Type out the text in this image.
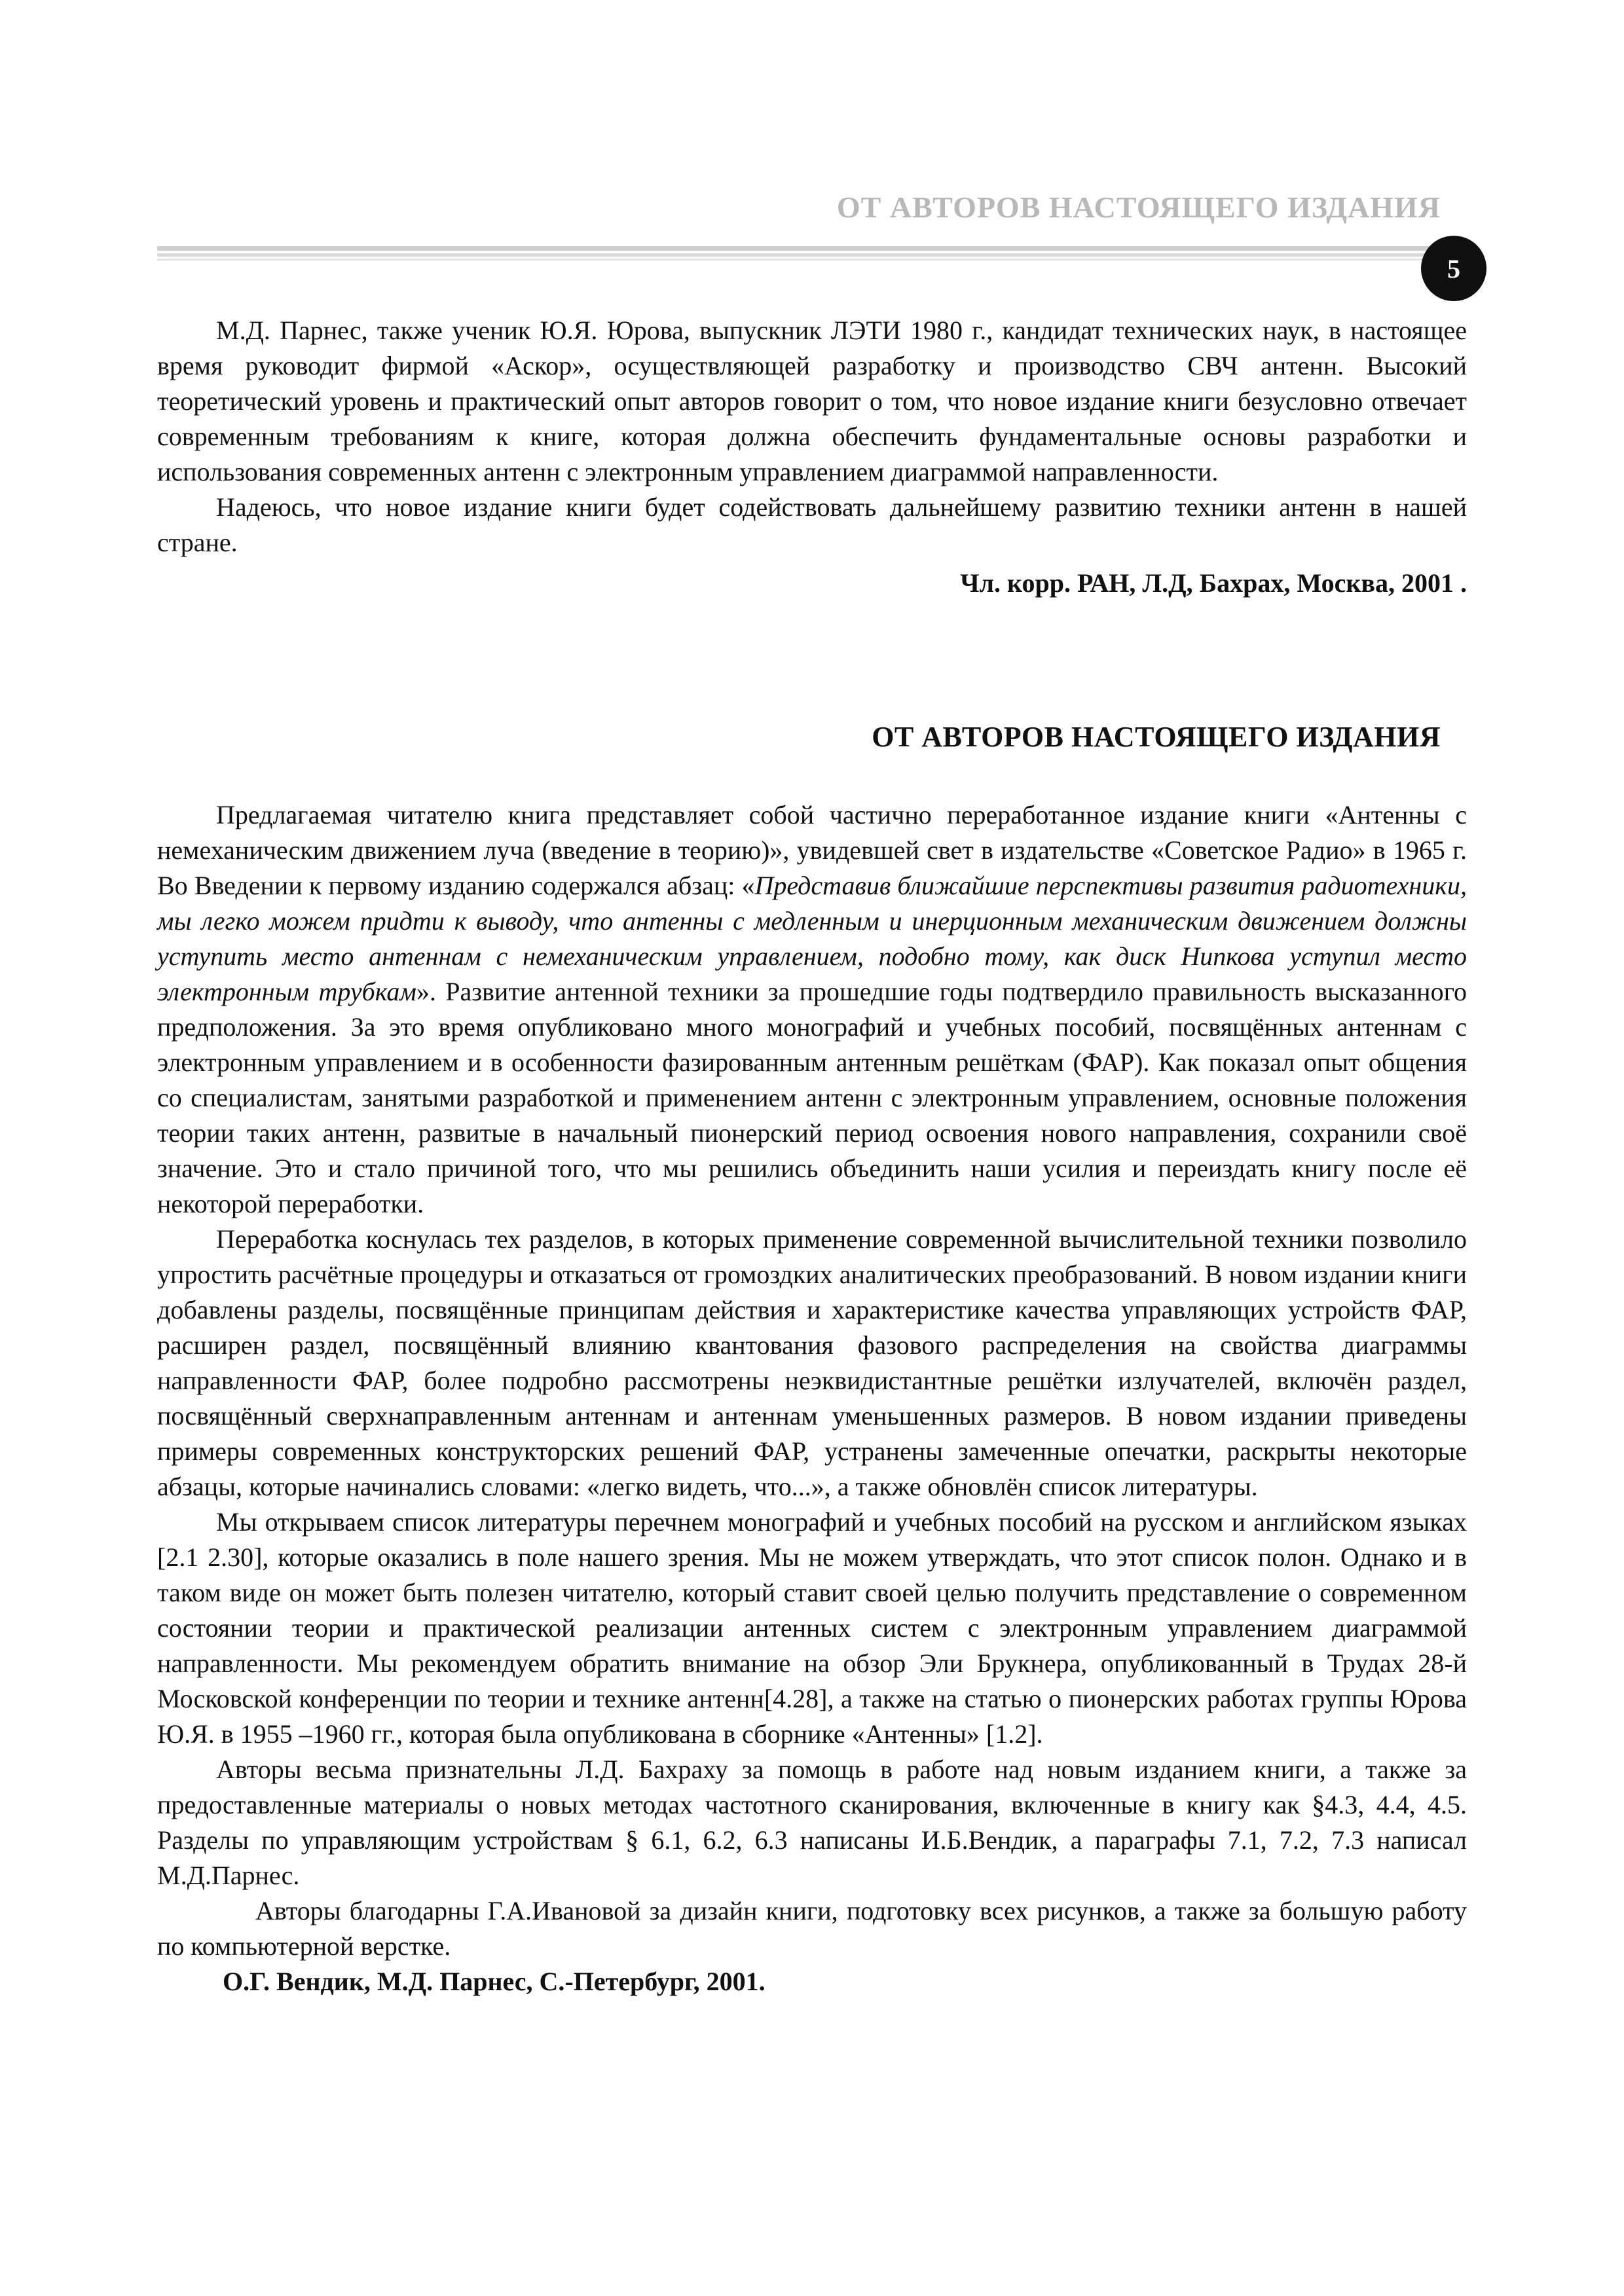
ОТ АВТОРОВ НАСТОЯЩЕГО ИЗДАНИЯ
5

М.Д. Парнес, также ученик Ю.Я. Юрова, выпускник ЛЭТИ 1980 г., кандидат технических наук, в настоящее время руководит фирмой «Аскор», осуществляющей разработку и производство СВЧ антенн. Высокий теоретический уровень и практический опыт авторов говорит о том, что новое издание книги безусловно отвечает современным требованиям к книге, которая должна обеспечить фундаментальные основы разработки и использования современных антенн с электронным управлением диаграммой направленности.

Надеюсь, что новое издание книги будет содействовать дальнейшему развитию техники антенн в нашей стране.

Чл. корр. РАН, Л.Д, Бахрах, Москва, 2001 .

ОТ АВТОРОВ НАСТОЯЩЕГО ИЗДАНИЯ

Предлагаемая читателю книга представляет собой частично переработанное издание книги «Антенны с немеханическим движением луча (введение в теорию)», увидевшей свет в издательстве «Советское Радио» в 1965 г. Во Введении к первому изданию содержался абзац: «Представив ближайшие перспективы развития радиотехники, мы легко можем придти к выводу, что антенны с медленным и инерционным механическим движением должны уступить место антеннам с немеханическим управлением, подобно тому, как диск Нипкова уступил место электронным трубкам». Развитие антенной техники за прошедшие годы подтвердило правильность высказанного предположения. За это время опубликовано много монографий и учебных пособий, посвящённых антеннам с электронным управлением и в особенности фазированным антенным решёткам (ФАР). Как показал опыт общения со специалистам, занятыми разработкой и применением антенн с электронным управлением, основные положения теории таких антенн, развитые в начальный пионерский период освоения нового направления, сохранили своё значение. Это и стало причиной того, что мы решились объединить наши усилия и переиздать книгу после её некоторой переработки.

Переработка коснулась тех разделов, в которых применение современной вычислительной техники позволило упростить расчётные процедуры и отказаться от громоздких аналитических преобразований. В новом издании книги добавлены разделы, посвящённые принципам действия и характеристике качества управляющих устройств ФАР, расширен раздел, посвящённый влиянию квантования фазового распределения на свойства диаграммы направленности ФАР, более подробно рассмотрены неэквидистантные решётки излучателей, включён раздел, посвящённый сверхнаправленным антеннам и антеннам уменьшенных размеров. В новом издании приведены примеры современных конструкторских решений ФАР, устранены замеченные опечатки, раскрыты некоторые абзацы, которые начинались словами: «легко видеть, что...», а также обновлён список литературы.

Мы открываем список литературы перечнем монографий и учебных пособий на русском и английском языках [2.1 2.30], которые оказались в поле нашего зрения. Мы не можем утверждать, что этот список полон. Однако и в таком виде он может быть полезен читателю, который ставит своей целью получить представление о современном состоянии теории и практической реализации антенных систем с электронным управлением диаграммой направленности. Мы рекомендуем обратить внимание на обзор Эли Брукнера, опубликованный в Трудах 28-й Московской конференции по теории и технике антенн[4.28], а также на статью о пионерских работах группы Юрова Ю.Я. в 1955 –1960 гг., которая была опубликована в сборнике «Антенны» [1.2].

Авторы весьма признательны Л.Д. Бахраху за помощь в работе над новым изданием книги, а также за предоставленные материалы о новых методах частотного сканирования, включенные в книгу как §4.3, 4.4, 4.5. Разделы по управляющим устройствам § 6.1, 6.2, 6.3 написаны И.Б.Вендик, а параграфы 7.1, 7.2, 7.3 написал М.Д.Парнес.

Авторы благодарны Г.А.Ивановой за дизайн книги, подготовку всех рисунков, а также за большую работу по компьютерной верстке.

О.Г. Вендик, М.Д. Парнес, С.-Петербург, 2001.
